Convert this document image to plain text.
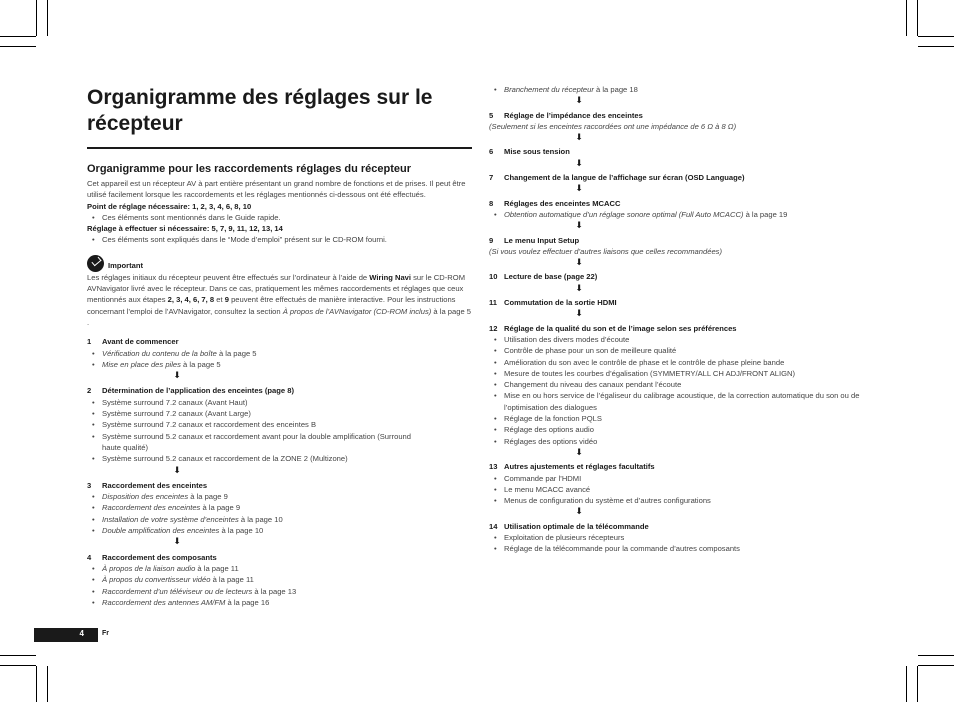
Organigramme des réglages sur le récepteur
Organigramme pour les raccordements réglages du récepteur

Cet appareil est un récepteur AV à part entière présentant un grand nombre de fonctions et de prises. Il peut être utilisé facilement lorsque les raccordements et les réglages mentionnés ci-dessous ont été effectués.

Point de réglage nécessaire: 1, 2, 3, 4, 6, 8, 10

• Ces éléments sont mentionnés dans le Guide rapide.

Réglage à effectuer si nécessaire: 5, 7, 9, 11, 12, 13, 14

• Ces éléments sont expliqués dans le “Mode d’emploi” présent sur le CD-ROM fourni.
Important

Les réglages initiaux du récepteur peuvent être effectués sur l’ordinateur à l’aide de Wiring Navi sur le CD-ROM AVNavigator livré avec le récepteur. Dans ce cas, pratiquement les mêmes raccordements et réglages que ceux mentionnés aux étapes 2, 3, 4, 6, 7, 8 et 9 peuvent être effectués de manière interactive. Pour les instructions concernant l’emploi de l’AVNavigator, consultez la section À propos de l’AVNavigator (CD-ROM inclus) à la page 5 .

1	Avant de commencer
• Vérification du contenu de la boîte à la page 5
• Mise en place des piles à la page 5
⬇
2	Détermination de l’application des enceintes (page 8)
• Système surround 7.2 canaux (Avant Haut)
• Système surround 7.2 canaux (Avant Large)
• Système surround 7.2 canaux et raccordement des enceintes B
• Système surround 5.2 canaux et raccordement avant pour la double amplification (Surround haute qualité)
• Système surround 5.2 canaux et raccordement de la ZONE 2 (Multizone)
⬇
3	Raccordement des enceintes
• Disposition des enceintes à la page 9
• Raccordement des enceintes à la page 9
• Installation de votre système d’enceintes à la page 10
• Double amplification des enceintes à la page 10
⬇
4	Raccordement des composants
• À propos de la liaison audio à la page 11
• À propos du convertisseur vidéo à la page 11
• Raccordement d’un téléviseur ou de lecteurs à la page 13
• Raccordement des antennes AM/FM à la page 16
• Branchement du récepteur à la page 18
⬇
5	Réglage de l’impédance des enceintes

(Seulement si les enceintes raccordées ont une impédance de 6 Ω à 8 Ω)

⬇
6	Mise sous tension
⬇
7	Changement de la langue de l’affichage sur écran (OSD Language)
⬇
8	Réglages des enceintes MCACC
• Obtention automatique d’un réglage sonore optimal (Full Auto MCACC) à la page 19
⬇
9	Le menu Input Setup

(Si vous voulez effectuer d’autres liaisons que celles recommandées)

⬇
10 Lecture de base (page 22)
⬇
11 Commutation de la sortie HDMI
⬇
12 Réglage de la qualité du son et de l’image selon ses préférences
• Utilisation des divers modes d’écoute
• Contrôle de phase pour un son de meilleure qualité
• Amélioration du son avec le contrôle de phase et le contrôle de phase pleine bande
• Mesure de toutes les courbes d’égalisation (SYMMETRY/ALL CH ADJ/FRONT ALIGN)
• Changement du niveau des canaux pendant l’écoute
• Mise en ou hors service de l’égaliseur du calibrage acoustique, de la correction automatique du son ou de l’optimisation des dialogues
• Réglage de la fonction PQLS
• Réglage des options audio
• Réglages des options vidéo
⬇
13 Autres ajustements et réglages facultatifs
• Commande par l’HDMI
• Le menu MCACC avancé
• Menus de configuration du système et d’autres configurations
⬇
14 Utilisation optimale de la télécommande
• Exploitation de plusieurs récepteurs
• Réglage de la télécommande pour la commande d’autres composants
4	Fr
